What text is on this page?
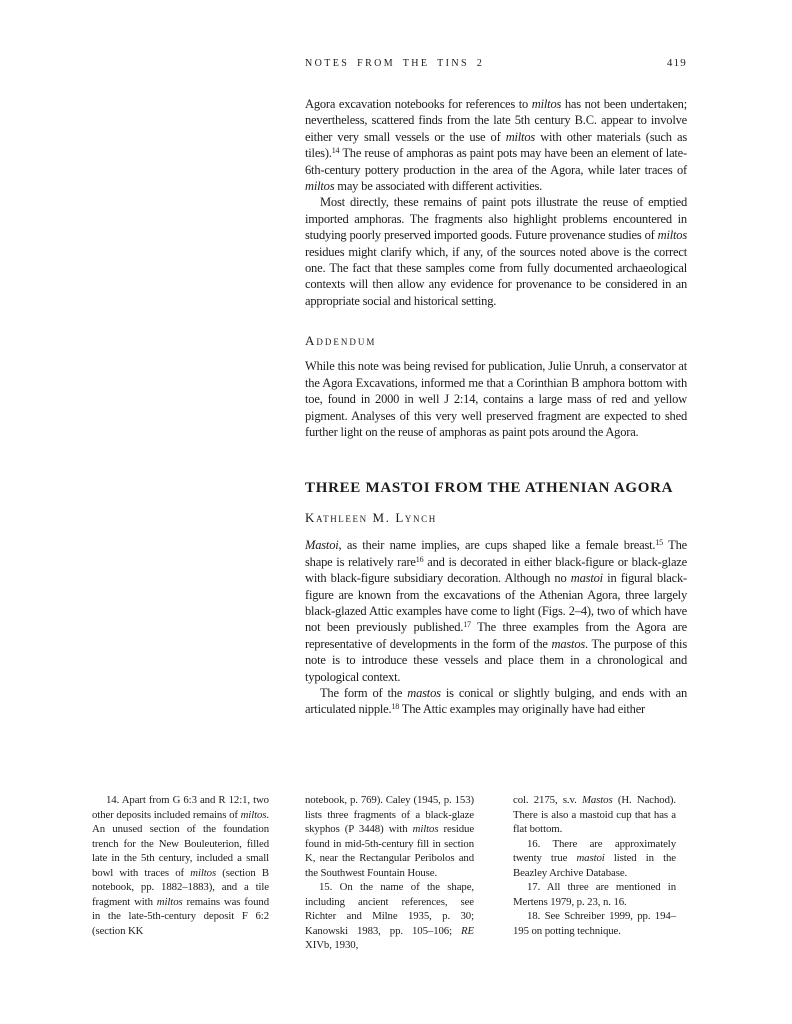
NOTES FROM THE TINS 2	419

Agora excavation notebooks for references to miltos has not been undertaken; nevertheless, scattered finds from the late 5th century B.C. appear to involve either very small vessels or the use of miltos with other materials (such as tiles).$^{14}$ The reuse of amphoras as paint pots may have been an element of late-6th-century pottery production in the area of the Agora, while later traces of miltos may be associated with different activities.

Most directly, these remains of paint pots illustrate the reuse of emptied imported amphoras. The fragments also highlight problems encountered in studying poorly preserved imported goods. Future provenance studies of miltos residues might clarify which, if any, of the sources noted above is the correct one. The fact that these samples come from fully documented archaeological contexts will then allow any evidence for provenance to be considered in an appropriate social and historical setting.

Addendum

While this note was being revised for publication, Julie Unruh, a conservator at the Agora Excavations, informed me that a Corinthian B amphora bottom with toe, found in 2000 in well J 2:14, contains a large mass of red and yellow pigment. Analyses of this very well preserved fragment are expected to shed further light on the reuse of amphoras as paint pots around the Agora.

THREE MASTOI FROM THE ATHENIAN AGORA
Kathleen M. Lynch

Mastoi, as their name implies, are cups shaped like a female breast.$^{15}$ The shape is relatively rare$^{16}$ and is decorated in either black-figure or black-glaze with black-figure subsidiary decoration. Although no mastoi in figural black-figure are known from the excavations of the Athenian Agora, three largely black-glazed Attic examples have come to light (Figs. 2–4), two of which have not been previously published.$^{17}$ The three examples from the Agora are representative of developments in the form of the mastos. The purpose of this note is to introduce these vessels and place them in a chronological and typological context.

The form of the mastos is conical or slightly bulging, and ends with an articulated nipple.$^{18}$ The Attic examples may originally have had either

14. Apart from G 6:3 and R 12:1, two other deposits included remains of miltos. An unused section of the foundation trench for the New Bouleuterion, filled late in the 5th century, included a small bowl with traces of miltos (section B notebook, pp. 1882–1883), and a tile fragment with miltos remains was found in the late-5th-century deposit F 6:2 (section KK

notebook, p. 769). Caley (1945, p. 153) lists three fragments of a black-glaze skyphos (P 3448) with miltos residue found in mid-5th-century fill in section K, near the Rectangular Peribolos and the Southwest Fountain House.

15. On the name of the shape, including ancient references, see Richter and Milne 1935, p. 30; Kanowski 1983, pp. 105–106; RE XIVb, 1930,

col. 2175, s.v. Mastos (H. Nachod). There is also a mastoid cup that has a flat bottom.

16. There are approximately twenty true mastoi listed in the Beazley Archive Database.

17. All three are mentioned in Mertens 1979, p. 23, n. 16.

18. See Schreiber 1999, pp. 194–195 on potting technique.
